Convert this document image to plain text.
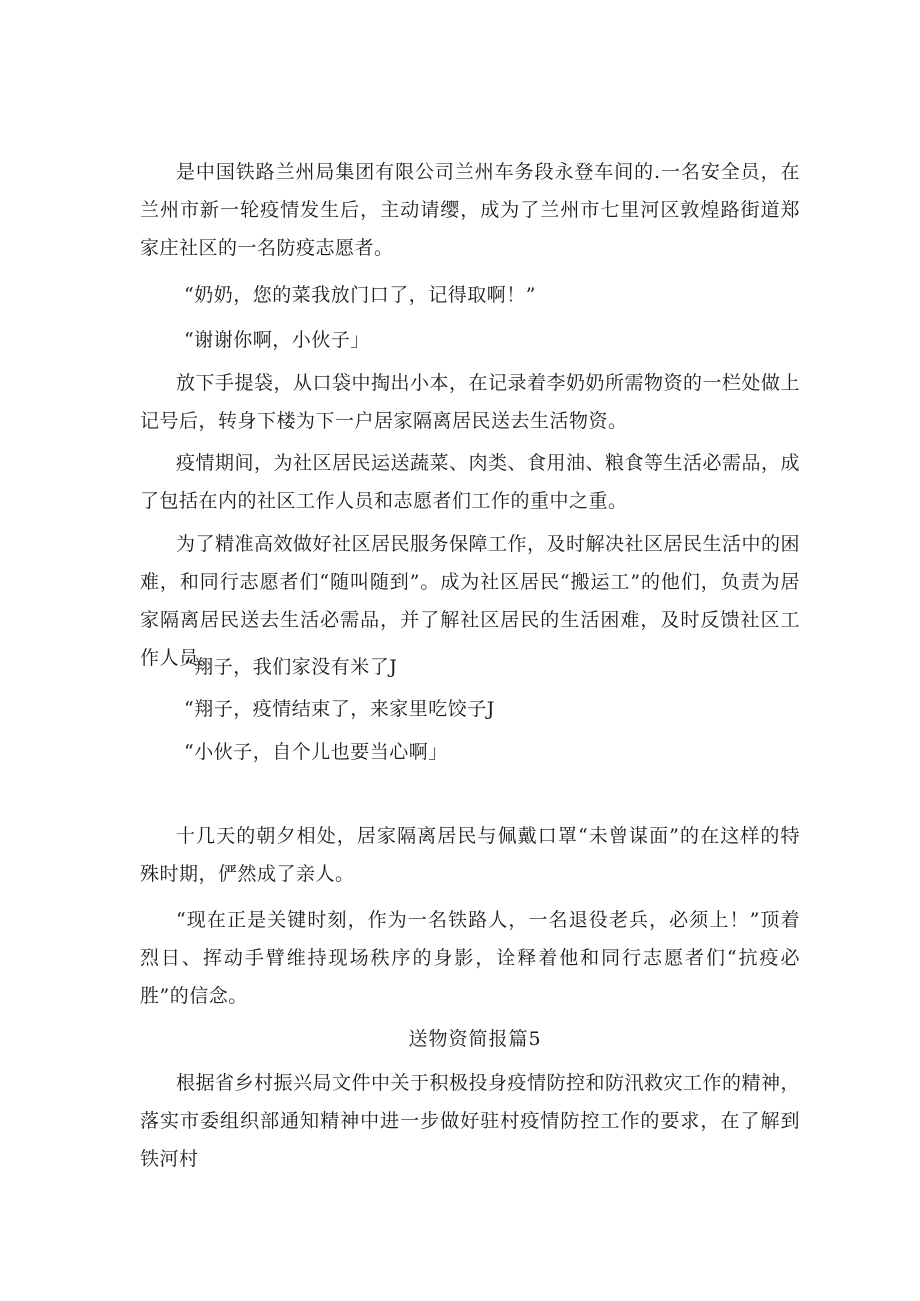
是中国铁路兰州局集团有限公司兰州车务段永登车间的.一名安全员，在兰州市新一轮疫情发生后，主动请缨，成为了兰州市七里河区敦煌路街道郑家庄社区的一名防疫志愿者。

“奶奶，您的菜我放门口了，记得取啊！”

“谢谢你啊，小伙子」

放下手提袋，从口袋中掏出小本，在记录着李奶奶所需物资的一栏处做上记号后，转身下楼为下一户居家隔离居民送去生活物资。

疫情期间，为社区居民运送蔬菜、肉类、食用油、粮食等生活必需品，成了包括在内的社区工作人员和志愿者们工作的重中之重。

为了精准高效做好社区居民服务保障工作，及时解决社区居民生活中的困难，和同行志愿者们“随叫随到”。成为社区居民“搬运工”的他们，负责为居家隔离居民送去生活必需品，并了解社区居民的生活困难，及时反馈社区工作人员。

“翔子，我们家没有米了J

“翔子，疫情结束了，来家里吃饺子J

“小伙子，自个儿也要当心啊」

十几天的朝夕相处，居家隔离居民与佩戴口罩“未曾谋面”的在这样的特殊时期，俨然成了亲人。

“现在正是关键时刻，作为一名铁路人，一名退役老兵，必须上！”顶着烈日、挥动手臂维持现场秩序的身影，诠释着他和同行志愿者们“抗疫必胜”的信念。

送物资简报篇5

根据省乡村振兴局文件中关于积极投身疫情防控和防汛救灾工作的精神，落实市委组织部通知精神中进一步做好驻村疫情防控工作的要求，在了解到铁河村
